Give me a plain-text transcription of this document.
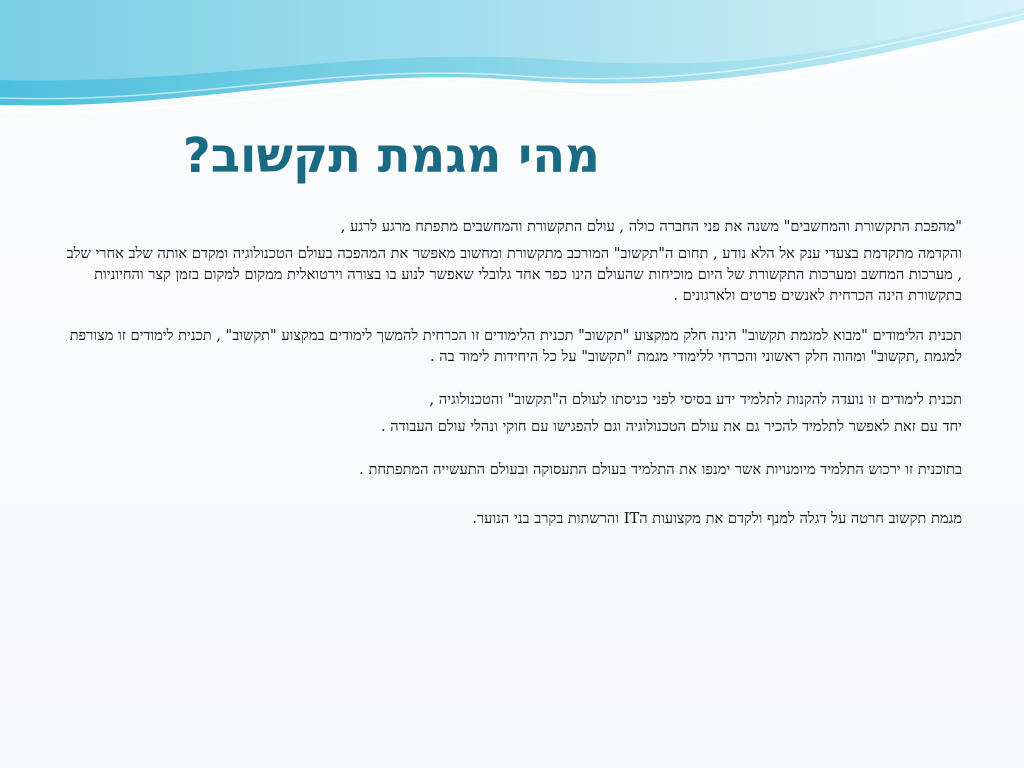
מהי מגמת תקשוב?

"מהפכת התקשורת והמחשבים" משנה את פני החברה כולה , עולם התקשורת והמחשבים מתפתח מרגע לרגע ,
והקדמה מתקדמת בצעדי ענק אל הלא נודע , תחום ה"תקשוב" המורכב מתקשורת ומחשוב מאפשר את המהפכה בעולם הטכנולוגיה ומקדם אותה שלב אחרי שלב , מערכות המחשב ומערכות התקשורת של היום מוכיחות שהעולם הינו כפר אחד גלובלי שאפשר לנוע בו בצורה וירטואלית ממקום למקום בזמן קצר והחיוניות בתקשורת הינה הכרחית לאנשים פרטים ולארגונים .

תכנית הלימודים "מבוא למגמת תקשוב" הינה חלק ממקצוע "תקשוב" תכנית הלימודים זו הכרחית להמשך לימודים במקצוע "תקשוב" , תכנית לימודים זו מצורפת למגמת ,תקשוב" ומהוה חלק ראשוני והכרחי ללימודי מגמת "תקשוב" על כל היחידות לימוד בה .

תכנית לימודים זו נועדה להקנות לתלמיד ידע בסיסי לפני כניסתו לעולם ה"תקשוב" והטכנולוגיה ,
יחד עם זאת לאפשר לתלמיד להכיר גם את עולם הטכנולוגיה וגם להפגישו עם חוקי ונהלי עולם העבודה .

בתוכנית זו ירכוש התלמיד מיומנויות אשר ימנפו את התלמיד בעולם התעסוקה ובעולם התעשייה המתפתחת .

מגמת תקשוב חרטה על דגלה למנף ולקדם את מקצועות הIT והרשתות בקרב בני הנוער.
